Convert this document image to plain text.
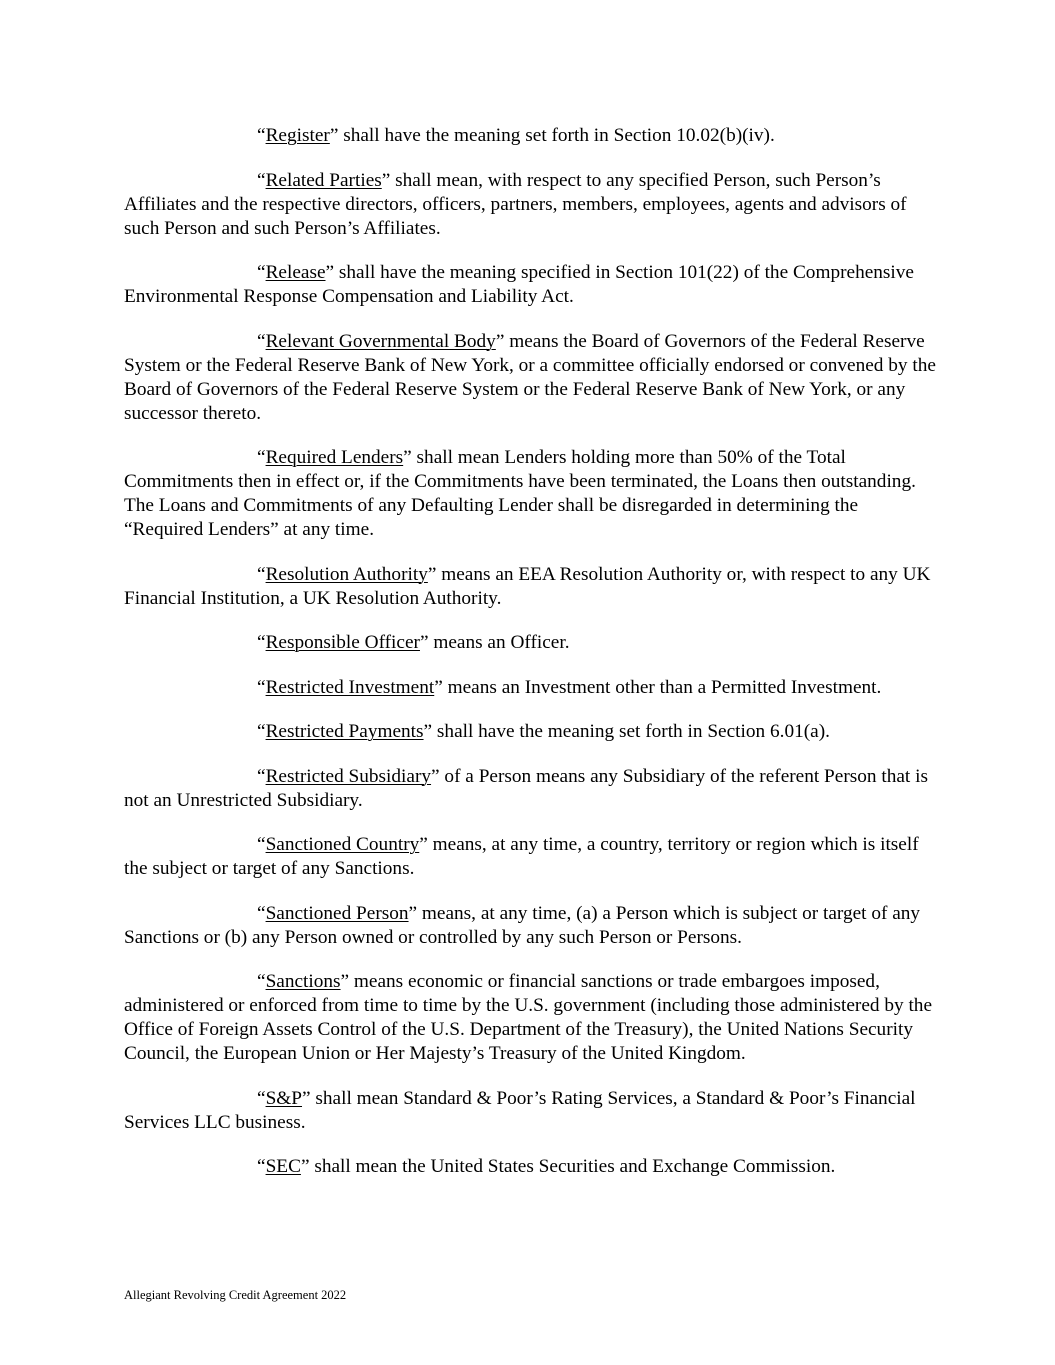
“Register” shall have the meaning set forth in Section 10.02(b)(iv).

“Related Parties” shall mean, with respect to any specified Person, such Person’s Affiliates and the respective directors, officers, partners, members, employees, agents and advisors of such Person and such Person’s Affiliates.

“Release” shall have the meaning specified in Section 101(22) of the Comprehensive Environmental Response Compensation and Liability Act.

“Relevant Governmental Body” means the Board of Governors of the Federal Reserve System or the Federal Reserve Bank of New York, or a committee officially endorsed or convened by the Board of Governors of the Federal Reserve System or the Federal Reserve Bank of New York, or any successor thereto.

“Required Lenders” shall mean Lenders holding more than 50% of the Total Commitments then in effect or, if the Commitments have been terminated, the Loans then outstanding. The Loans and Commitments of any Defaulting Lender shall be disregarded in determining the “Required Lenders” at any time.

“Resolution Authority” means an EEA Resolution Authority or, with respect to any UK Financial Institution, a UK Resolution Authority.

“Responsible Officer” means an Officer.

“Restricted Investment” means an Investment other than a Permitted Investment.

“Restricted Payments” shall have the meaning set forth in Section 6.01(a).

“Restricted Subsidiary” of a Person means any Subsidiary of the referent Person that is not an Unrestricted Subsidiary.

“Sanctioned Country” means, at any time, a country, territory or region which is itself the subject or target of any Sanctions.

“Sanctioned Person” means, at any time, (a) a Person which is subject or target of any Sanctions or (b) any Person owned or controlled by any such Person or Persons.

“Sanctions” means economic or financial sanctions or trade embargoes imposed, administered or enforced from time to time by the U.S. government (including those administered by the Office of Foreign Assets Control of the U.S. Department of the Treasury), the United Nations Security Council, the European Union or Her Majesty’s Treasury of the United Kingdom.

“S&P” shall mean Standard & Poor’s Rating Services, a Standard & Poor’s Financial Services LLC business.

“SEC” shall mean the United States Securities and Exchange Commission.

Allegiant Revolving Credit Agreement 2022
